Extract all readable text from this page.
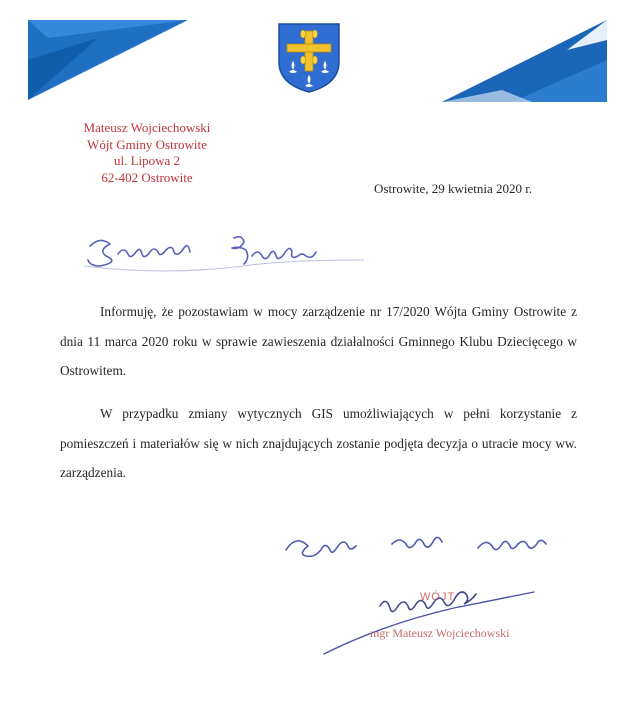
Mateusz Wojciechowski
Wójt Gminy Ostrowite
ul. Lipowa 2
62-402 Ostrowite
Ostrowite, 29 kwietnia 2020 r.
Informuję, że pozostawiam w mocy zarządzenie nr 17/2020 Wójta Gminy Ostrowite z dnia 11 marca 2020 roku w sprawie zawieszenia działalności Gminnego Klubu Dziecięcego w Ostrowitem.
W przypadku zmiany wytycznych GIS umożliwiających w pełni korzystanie z pomieszczeń i materiałów się w nich znajdujących zostanie podjęta decyzja o utracie mocy ww. zarządzenia.
WÓJT
mgr Mateusz Wojciechowski
